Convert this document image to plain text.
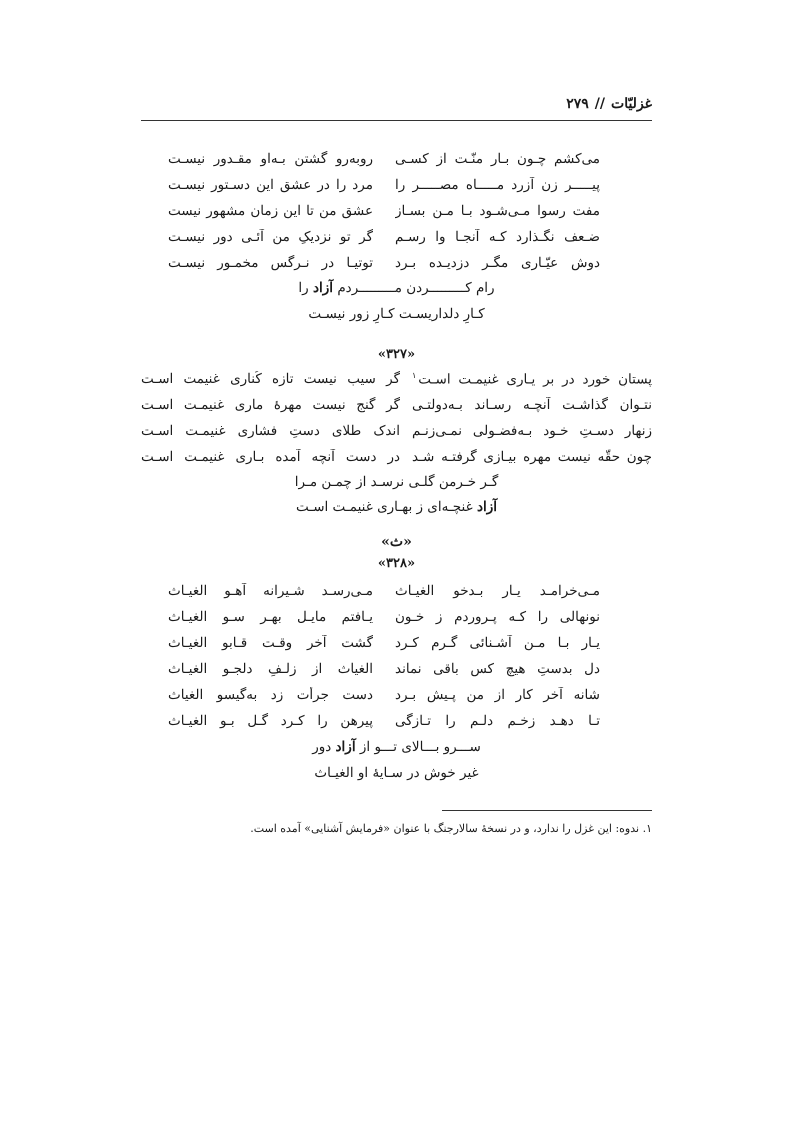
غزلیّات
//
۲۷۹
می‌کشم چـون بـار منّـت از کسـی
روبه‌رو گشتن بـه‌او مقـدور نیسـت
پیـــــر زن آزرد مـــــاه مصـــــر را
مرد را در عشق این دسـتور نیسـت
مفت رسوا مـی‌شـود بـا مـن بسـاز
عشق من تا این زمان مشهور نیست
ضـعف نگـذارد کـه آنجـا وا رسـم
گر تو نزدیکِ من آئـی دور نیسـت
دوش عیّـاری مگـر دزدیـده بـرد
توتیـا در نـرگس مخمـور نیسـت
رام کـــــــــردن مـــــــــردم آزاد را
کـارِ دلداریسـت کـارِ زور نیسـت
«۳۲۷»
پستانِ خورد در بر یـاری غنیمـت اسـت$^۱$
گر سیب نیست تازه کُناری غنیمت اسـت
نتـوان گذاشـت آنچـه رسـاند بـه‌دولتـی
گر گنج نیست مهرهٔ ماری غنیمـت اسـت
زنهار دسـتِ خـود بـه‌فضـولی نمـی‌زنـم
اندک طلای دستِ فشاری غنیمـت اسـت
چون حقّه نیست مهره بیـازی گرفتـه شـد
در دست آنچه آمده بـاری غنیمـت اسـت
گـر خـرمن گلـی نرسـد از چمـن مـرا
آزاد غنچـه‌ای ز بهـاری غنیمـت اسـت
«ث»
«۳۲۸»
مـی‌خرامـد یـار بـدخو الغیـاث
مـی‌رسـد شـیرانه آهـو الغیـاث
نونهالی را کـه پـروردم ز خـون
یـافتم مایـل بهـر سـو الغیـاث
یـار بـا مـن آشـنائی گـرم کـرد
گشت آخر وقـت قـابو الغیـاث
دل بدستِ هیچ کس باقی نماند
الغیاث از زلـفِ دلجـو الغیـاث
شانه آخر کار از من پـیش بـرد
دست جرأت زد به‌گیسو الغیاث
تـا دهـد زخـم دلـم را تـازگی
پیرهن را کـرد گـل بـو الغیـاث
ســـرو بـــالای تـــو از آزاد دور
غیر خوش در سـایهٔ او الغیـاث
۱. ندوه: این غزل را ندارد، و در نسخهٔ سالارجنگ با عنوان «فرمایش آشنایی» آمده است.
